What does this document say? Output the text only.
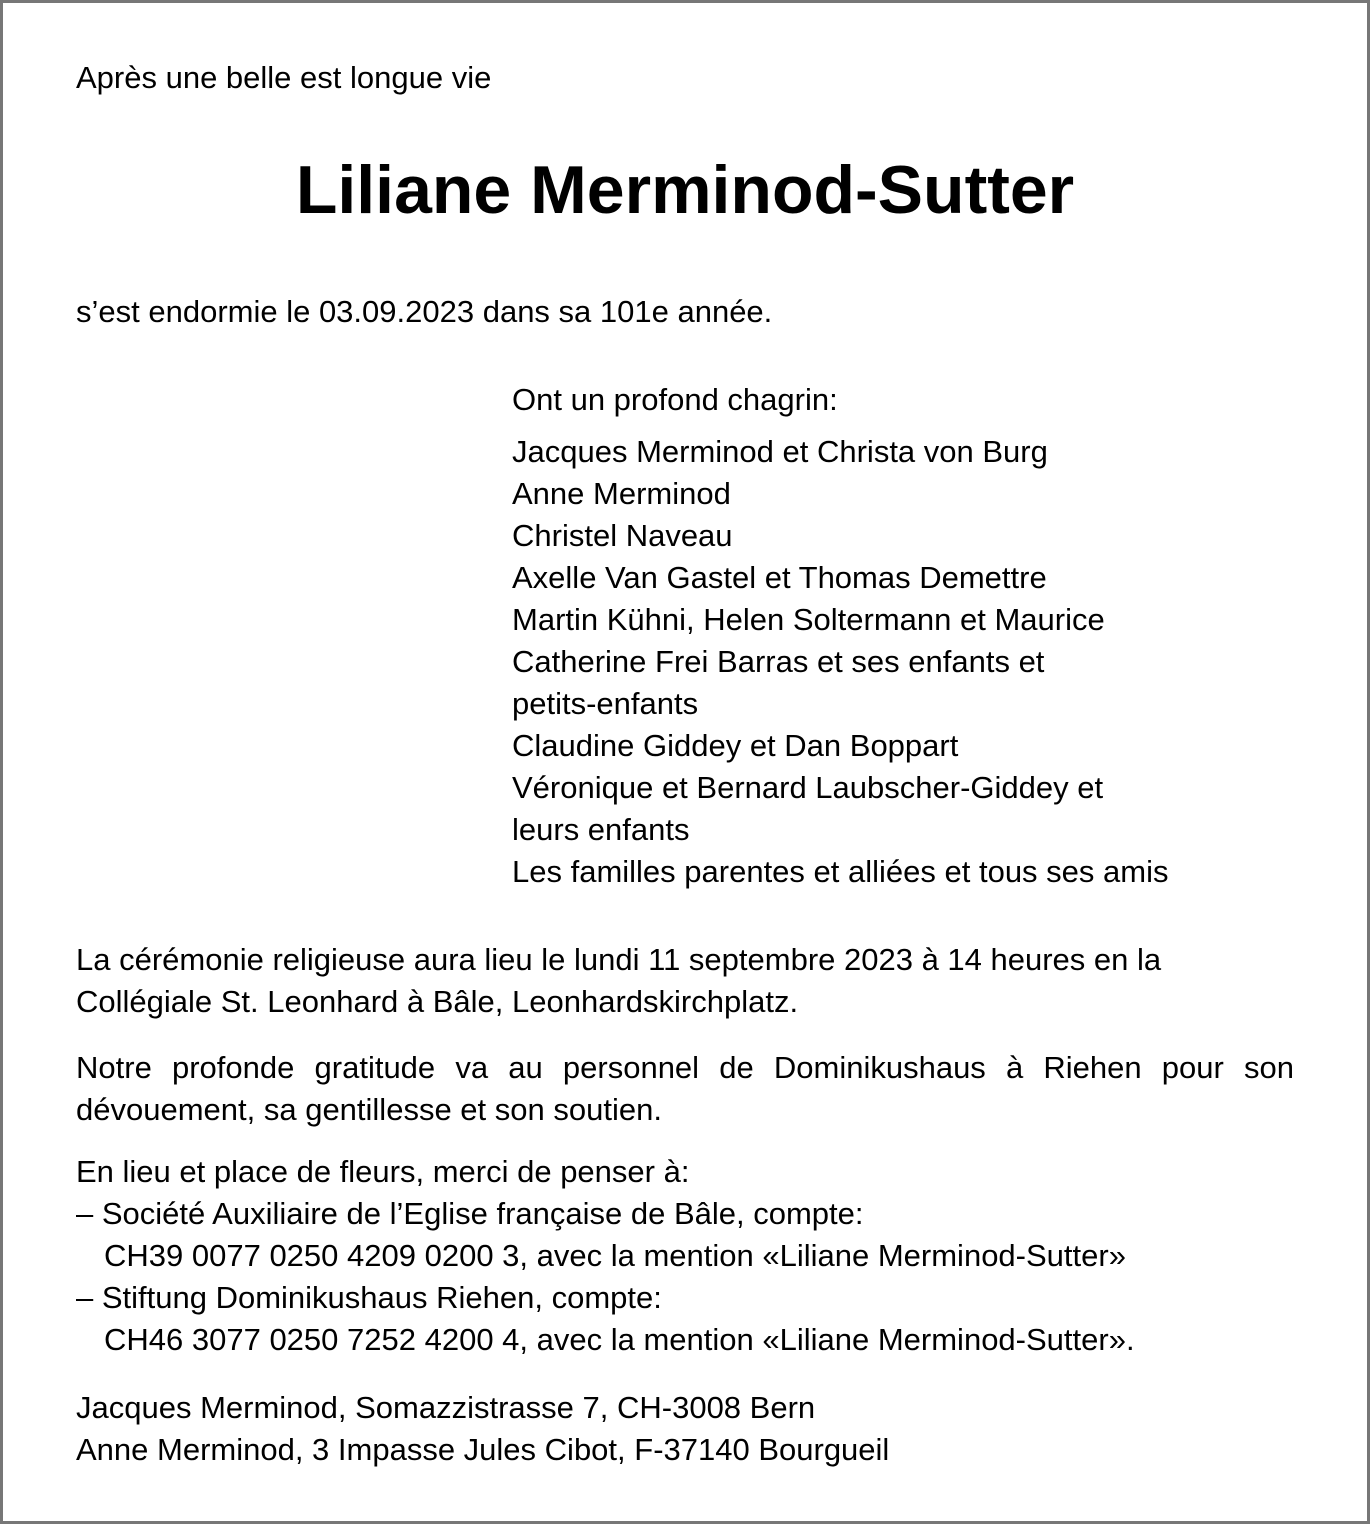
Après une belle est longue vie
Liliane Merminod-Sutter
s’est endormie le 03.09.2023 dans sa 101e année.
Ont un profond chagrin:

Jacques Merminod et Christa von Burg

Anne Merminod

Christel Naveau

Axelle Van Gastel et Thomas Demettre

Martin Kühni, Helen Soltermann et Maurice

Catherine Frei Barras et ses enfants et

petits-enfants

Claudine Giddey et Dan Boppart

Véronique et Bernard Laubscher-Giddey et

leurs enfants

Les familles parentes et alliées et tous ses amis

La cérémonie religieuse aura lieu le lundi 11 septembre 2023 à 14 heures en la

Collégiale St. Leonhard à Bâle, Leonhardskirchplatz.

Notre profonde gratitude va au personnel de Dominikushaus à Riehen pour son dévouement, sa gentillesse et son soutien.

En lieu et place de fleurs, merci de penser à:

– Société Auxiliaire de l’Eglise française de Bâle, compte:

CH39 0077 0250 4209 0200 3, avec la mention «Liliane Merminod-Sutter»

– Stiftung Dominikushaus Riehen, compte:

CH46 3077 0250 7252 4200 4, avec la mention «Liliane Merminod-Sutter».

Jacques Merminod, Somazzistrasse 7, CH-3008 Bern

Anne Merminod, 3 Impasse Jules Cibot, F-37140 Bourgueil
